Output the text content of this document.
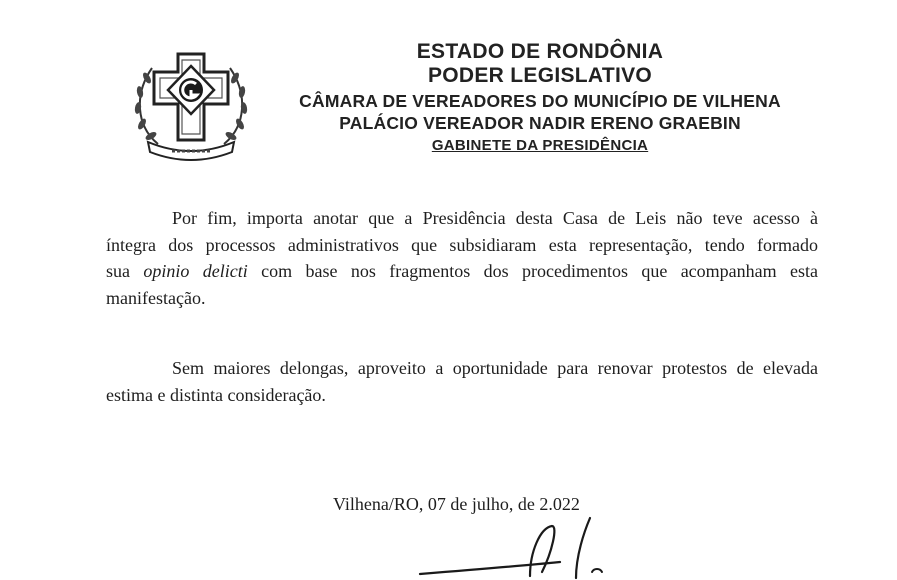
ESTADO DE RONDÔNIA
PODER LEGISLATIVO
CÂMARA DE VEREADORES DO MUNICÍPIO DE VILHENA
PALÁCIO VEREADOR NADIR ERENO GRAEBIN
GABINETE DA PRESIDÊNCIA
Por fim, importa anotar que a Presidência desta Casa de Leis não teve acesso à
íntegra dos processos administrativos que subsidiaram esta representação, tendo formado
sua opinio delicti com base nos fragmentos dos procedimentos que acompanham esta
manifestação.
Sem maiores delongas, aproveito a oportunidade para renovar protestos de elevada
estima e distinta consideração.
Vilhena/RO, 07 de julho, de 2.022
